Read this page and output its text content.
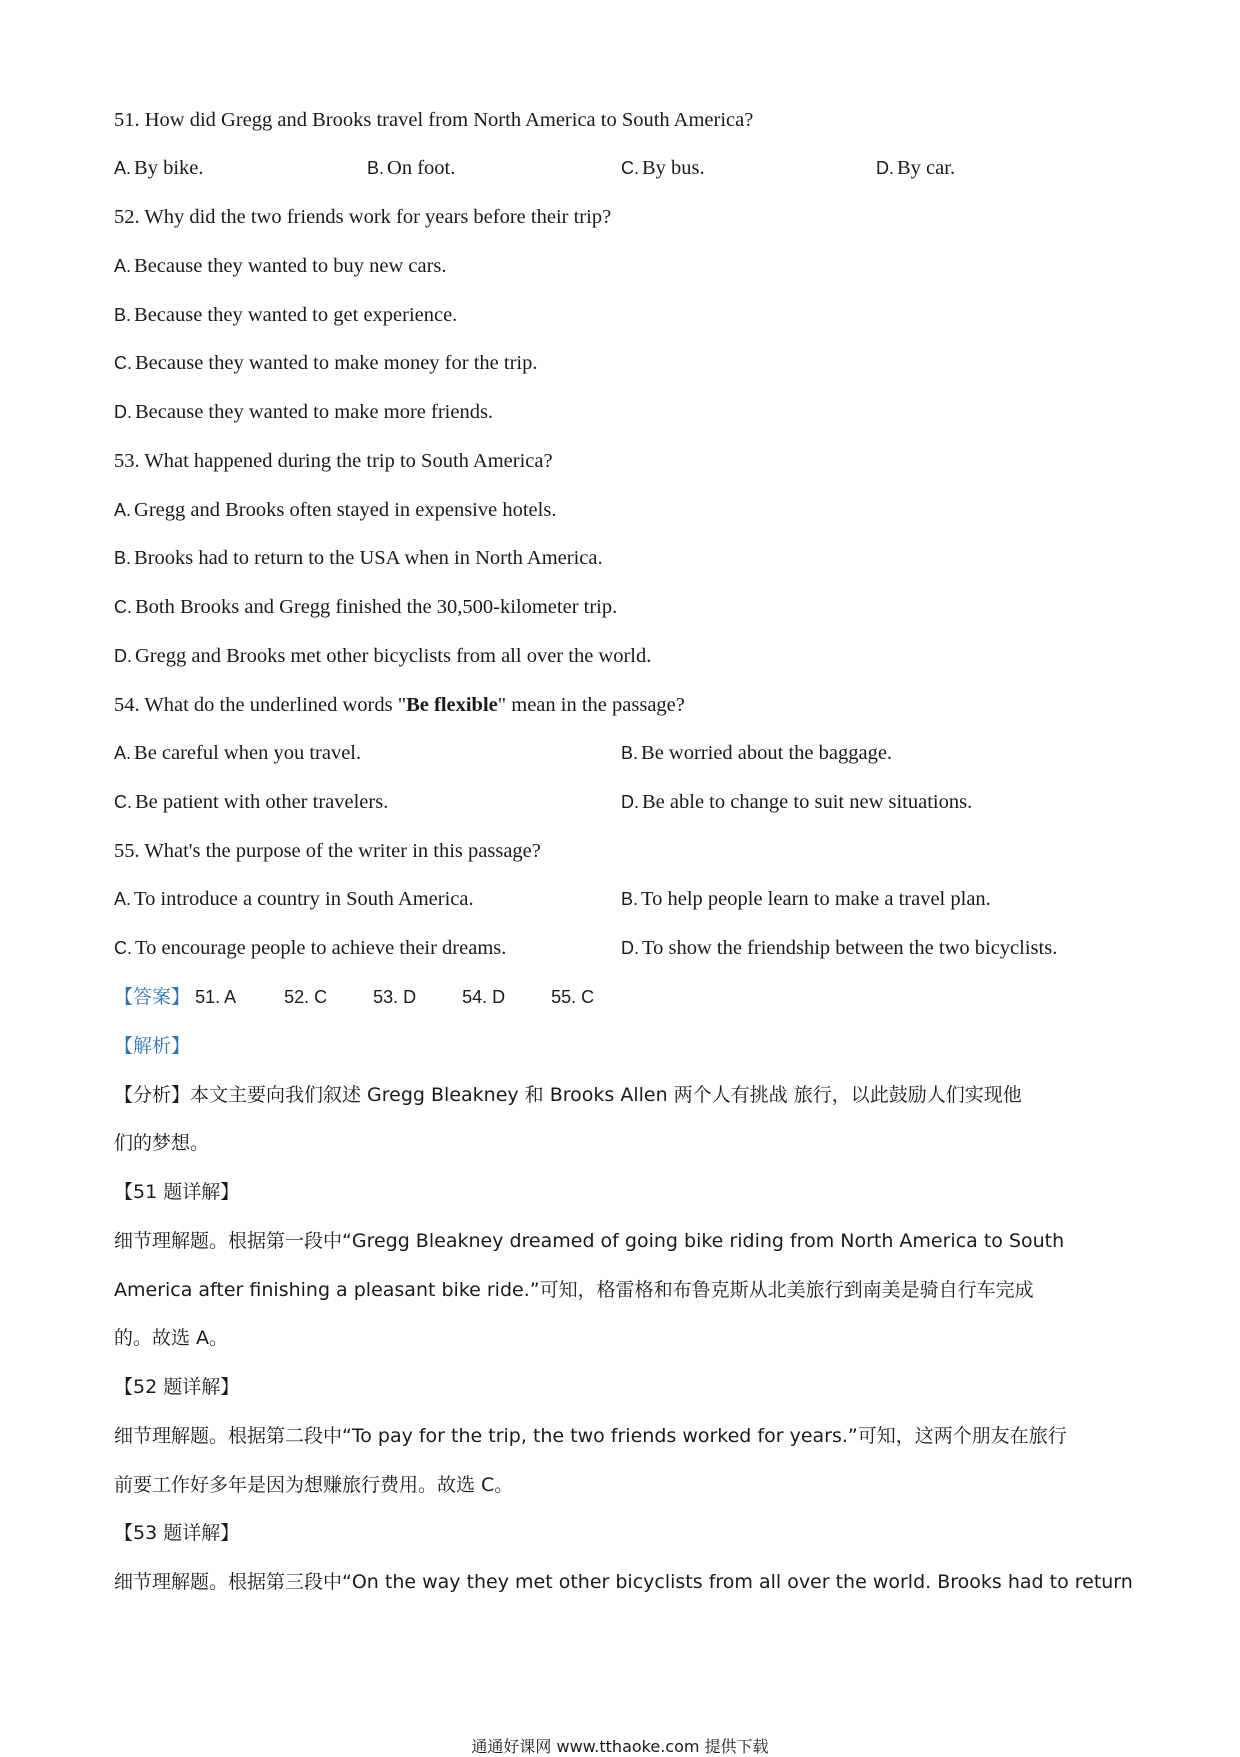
51. How did Gregg and Brooks travel from North America to South America?
A. By bike.	B. On foot.	C. By bus.	D. By car.
52. Why did the two friends work for years before their trip?
A. Because they wanted to buy new cars.
B. Because they wanted to get experience.
C. Because they wanted to make money for the trip.
D. Because they wanted to make more friends.
53. What happened during the trip to South America?
A. Gregg and Brooks often stayed in expensive hotels.
B. Brooks had to return to the USA when in North America.
C. Both Brooks and Gregg finished the 30,500-kilometer trip.
D. Gregg and Brooks met other bicyclists from all over the world.
54. What do the underlined words "Be flexible" mean in the passage?
A. Be careful when you travel.	B. Be worried about the baggage.
C. Be patient with other travelers.	D. Be able to change to suit new situations.
55. What's the purpose of the writer in this passage?
A. To introduce a country in South America.	B. To help people learn to make a travel plan.
C. To encourage people to achieve their dreams.	D. To show the friendship between the two bicyclists.
【答案】 51. A	52. C	53. D	54. D	55. C
【解析】
【分析】本文主要向我们叙述 Gregg Bleakney 和 Brooks Allen 两个人有挑战 旅行，以此鼓励人们实现他
们的梦想。
【51 题详解】
细节理解题。根据第一段中“Gregg Bleakney dreamed of going bike riding from North America to South
America after finishing a pleasant bike ride.”可知，格雷格和布鲁克斯从北美旅行到南美是骑自行车完成
的。故选 A。
【52 题详解】
细节理解题。根据第二段中“To pay for the trip, the two friends worked for years.”可知，这两个朋友在旅行
前要工作好多年是因为想赚旅行费用。故选 C。
【53 题详解】
细节理解题。根据第三段中“On the way they met other bicyclists from all over the world. Brooks had to return
通通好课网 www.tthaoke.com 提供下载
